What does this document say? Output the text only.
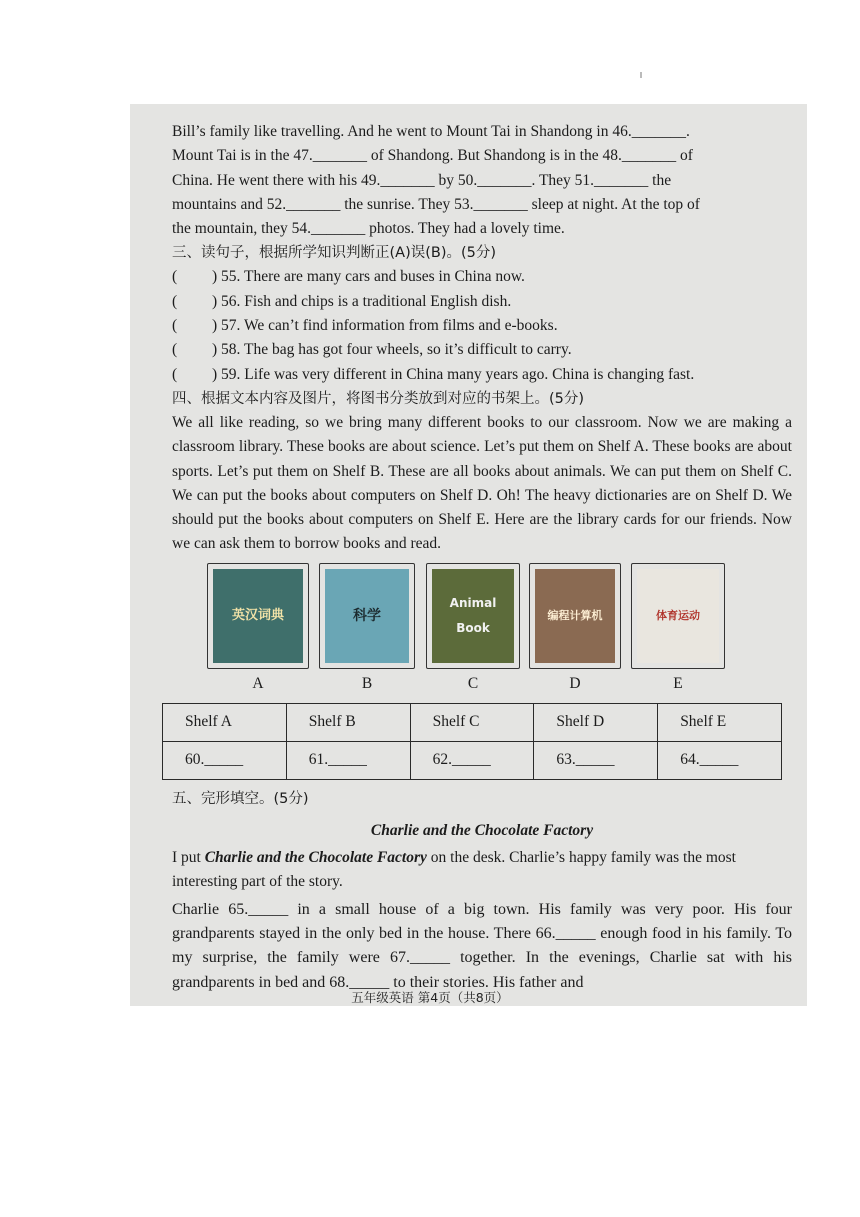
Bill’s family like travelling. And he went to Mount Tai in Shandong in 46._______.

Mount Tai is in the 47._______ of Shandong. But Shandong is in the 48._______ of

China. He went there with his 49._______ by 50._______. They 51._______ the

mountains and 52._______ the sunrise. They 53._______ sleep at night. At the top of

the mountain, they 54._______ photos. They had a lovely time.

三、读句子，根据所学知识判断正(A)误(B)。(5分)

(	) 55. There are many cars and buses in China now.
(	) 56. Fish and chips is a traditional English dish.
(	) 57. We can’t find information from films and e-books.
(	) 58. The bag has got four wheels, so it’s difficult to carry.
(	) 59. Life was very different in China many years ago. China is changing fast.

四、根据文本内容及图片，将图书分类放到对应的书架上。(5分)

We all like reading, so we bring many different books to our classroom. Now we are making a classroom library. These books are about science. Let’s put them on Shelf A. These books are about sports. Let’s put them on Shelf B. These are all books about animals. We can put them on Shelf C. We can put the books about computers on Shelf D. Oh! The heavy dictionaries are on Shelf D. We should put the books about computers on Shelf E. Here are the library cards for our friends. Now we can ask them to borrow books and read.

英汉词典
A
科学
B
Animal Book
C
编程计算机
D
体育运动
E
Shelf A	Shelf B	Shelf C	Shelf D	Shelf E
60._____	61._____	62._____	63._____	64._____

五、完形填空。(5分)

Charlie and the Chocolate Factory

I put Charlie and the Chocolate Factory on the desk. Charlie’s happy family was the most interesting part of the story.

Charlie 65._____ in a small house of a big town. His family was very poor. His four grandparents stayed in the only bed in the house. There 66._____ enough food in his family. To my surprise, the family were 67._____ together. In the evenings, Charlie sat with his grandparents in bed and 68._____ to their stories. His father and

五年级英语 第4页（共8页）
